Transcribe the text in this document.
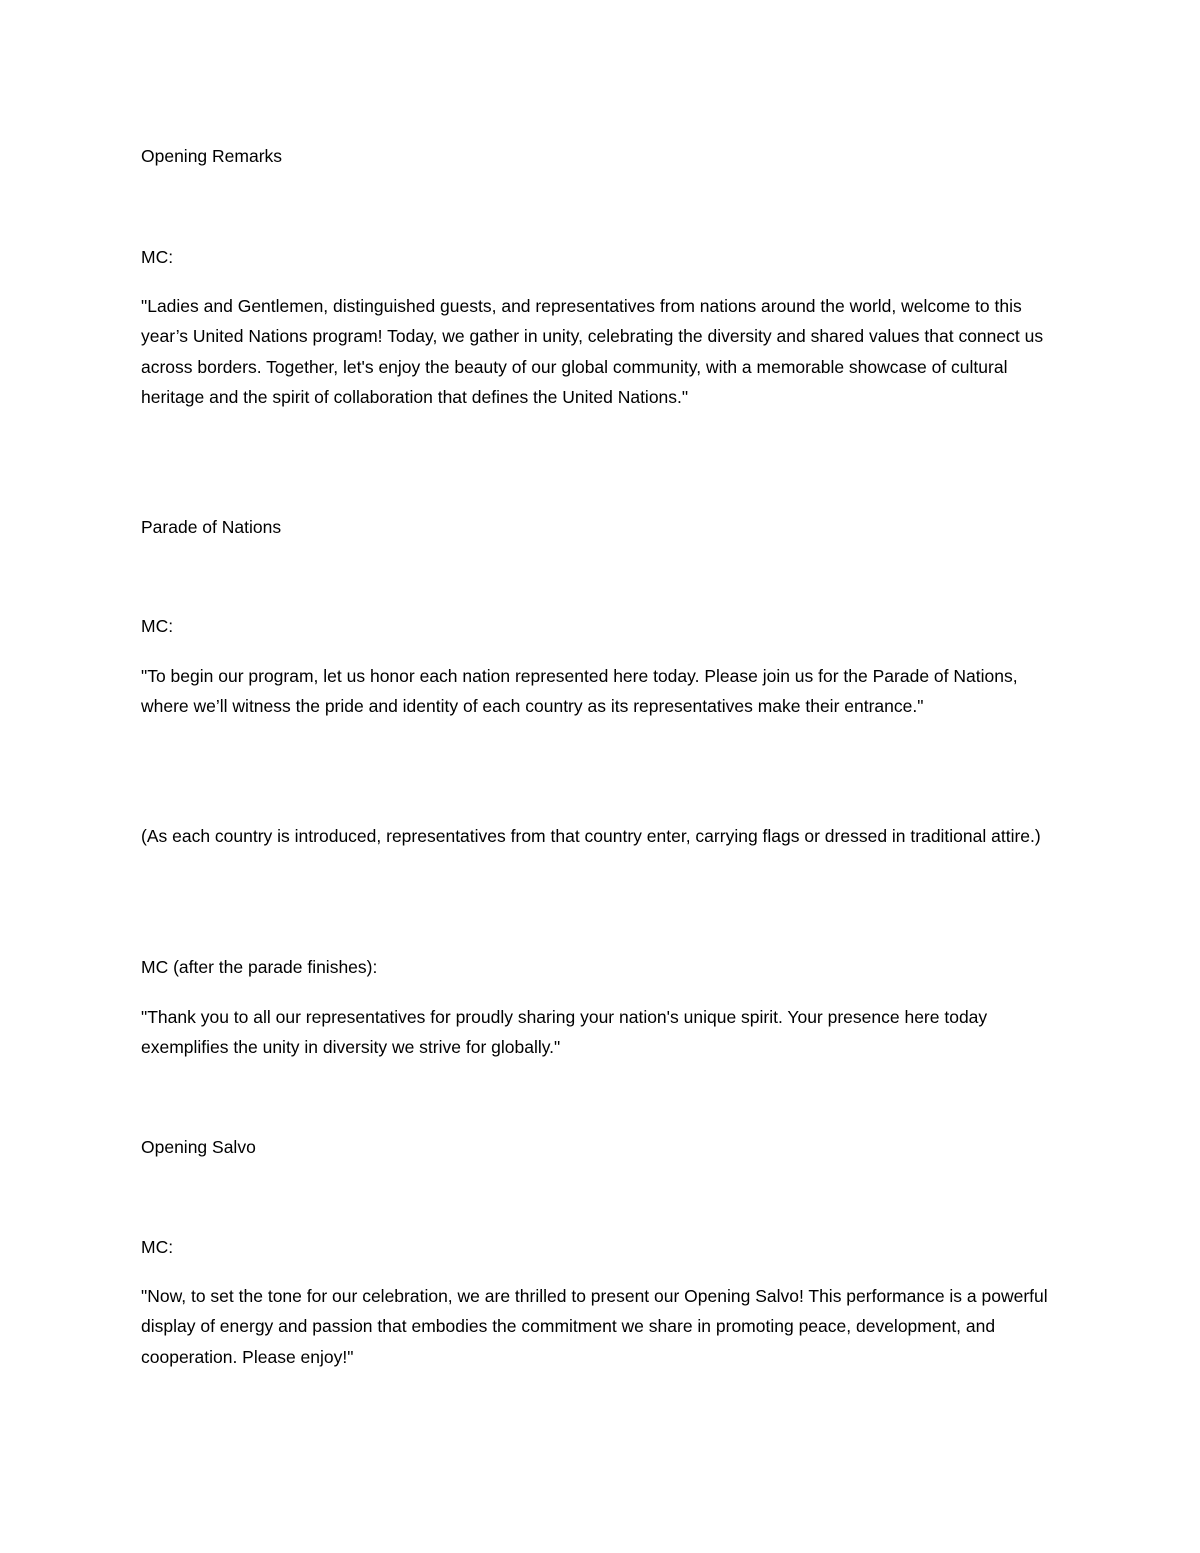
Opening Remarks

MC:

"Ladies and Gentlemen, distinguished guests, and representatives from nations around the world, welcome to this year’s United Nations program! Today, we gather in unity, celebrating the diversity and shared values that connect us across borders. Together, let's enjoy the beauty of our global community, with a memorable showcase of cultural heritage and the spirit of collaboration that defines the United Nations."

Parade of Nations

MC:

"To begin our program, let us honor each nation represented here today. Please join us for the Parade of Nations, where we’ll witness the pride and identity of each country as its representatives make their entrance."

(As each country is introduced, representatives from that country enter, carrying flags or dressed in traditional attire.)

MC (after the parade finishes):

"Thank you to all our representatives for proudly sharing your nation's unique spirit. Your presence here today exemplifies the unity in diversity we strive for globally."

Opening Salvo

MC:

"Now, to set the tone for our celebration, we are thrilled to present our Opening Salvo! This performance is a powerful display of energy and passion that embodies the commitment we share in promoting peace, development, and cooperation. Please enjoy!"
